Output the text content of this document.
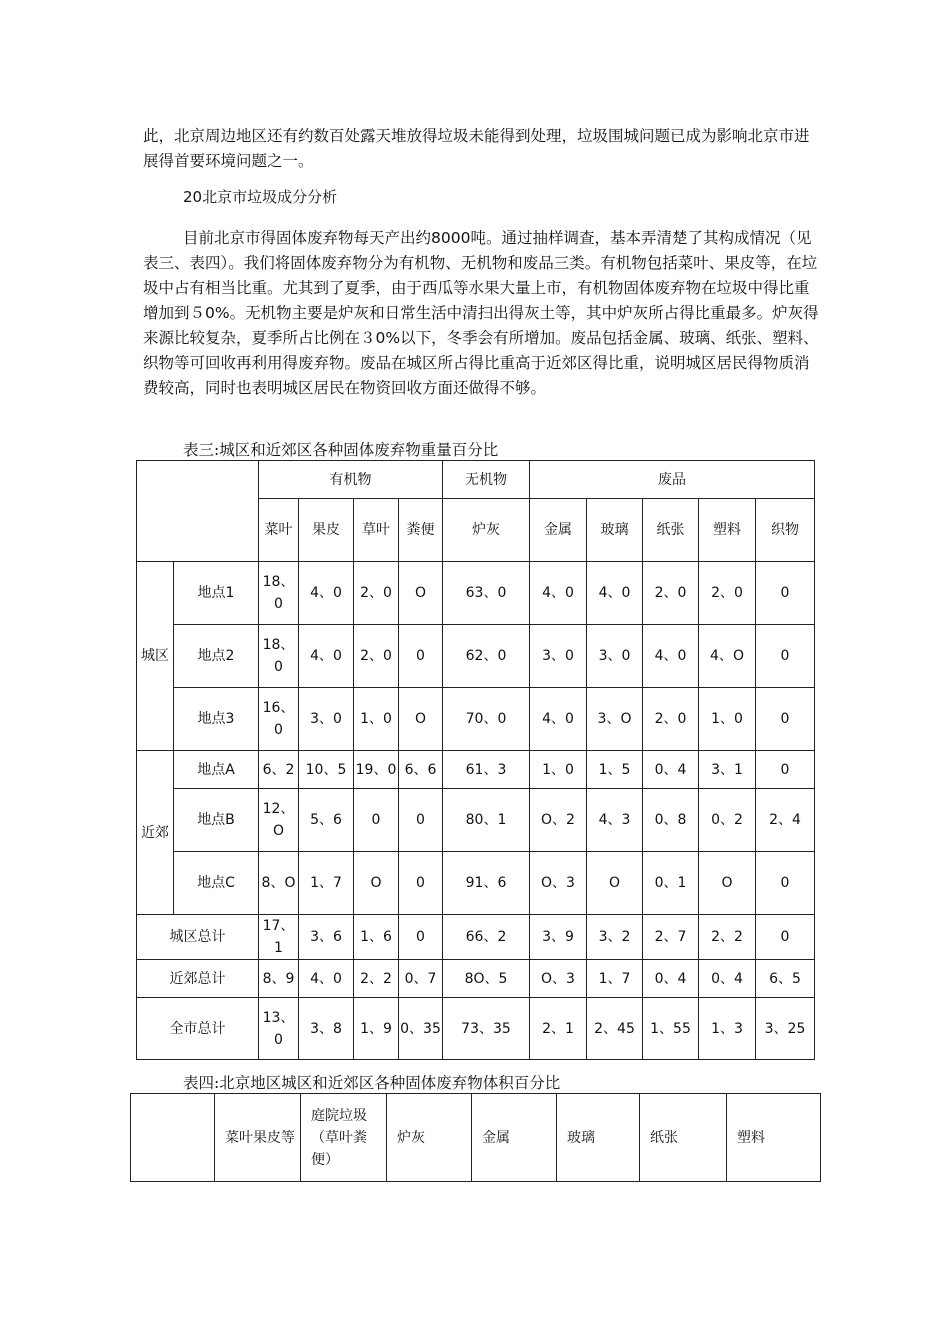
此，北京周边地区还有约数百处露天堆放得垃圾未能得到处理，垃圾围城问题已成为影响北京市进展得首要环境问题之一。

20北京市垃圾成分分析

目前北京市得固体废弃物每天产出约8000吨。通过抽样调查，基本弄清楚了其构成情况（见表三、表四）。我们将固体废弃物分为有机物、无机物和废品三类。有机物包括菜叶、果皮等，在垃圾中占有相当比重。尤其到了夏季，由于西瓜等水果大量上市，有机物固体废弃物在垃圾中得比重增加到５0%。无机物主要是炉灰和日常生活中清扫出得灰土等，其中炉灰所占得比重最多。炉灰得来源比较复杂，夏季所占比例在３0%以下，冬季会有所增加。废品包括金属、玻璃、纸张、塑料、织物等可回收再利用得废弃物。废品在城区所占得比重高于近郊区得比重，说明城区居民得物质消费较高，同时也表明城区居民在物资回收方面还做得不够。

表三:城区和近郊区各种固体废弃物重量百分比

		有机物				无机物	废品				
		菜叶	果皮	草叶	粪便	炉灰	金属	玻璃	纸张	塑料	织物
城区	地点1	18、0	4、0	2、0	O	63、0	4、0	4、0	2、0	2、0	0
	地点2	18、0	4、0	2、0	0	62、0	3、0	3、0	4、0	4、O	0
	地点3	16、0	3、0	1、0	O	70、0	4、0	3、O	2、0	1、0	0
近郊	地点A	6、2	10、5	19、0	6、6	61、3	1、0	1、5	0、4	3、1	0
	地点B	12、O	5、6	0	0	80、1	O、2	4、3	0、8	0、2	2、4
	地点C	8、O	1、7	O	0	91、6	O、3	O	0、1	O	0
城区总计		17、1	3、6	1、6	0	66、2	3、9	3、2	2、7	2、2	0
近郊总计		8、9	4、0	2、2	0、7	8O、5	O、3	1、7	0、4	0、4	6、5
全市总计		13、0	3、8	1、9	0、35	73、35	2、1	2、45	1、55	1、3	3、25

表四:北京地区城区和近郊区各种固体废弃物体积百分比

	菜叶果皮等	庭院垃圾（草叶粪便）	炉灰	金属	玻璃	纸张	塑料
